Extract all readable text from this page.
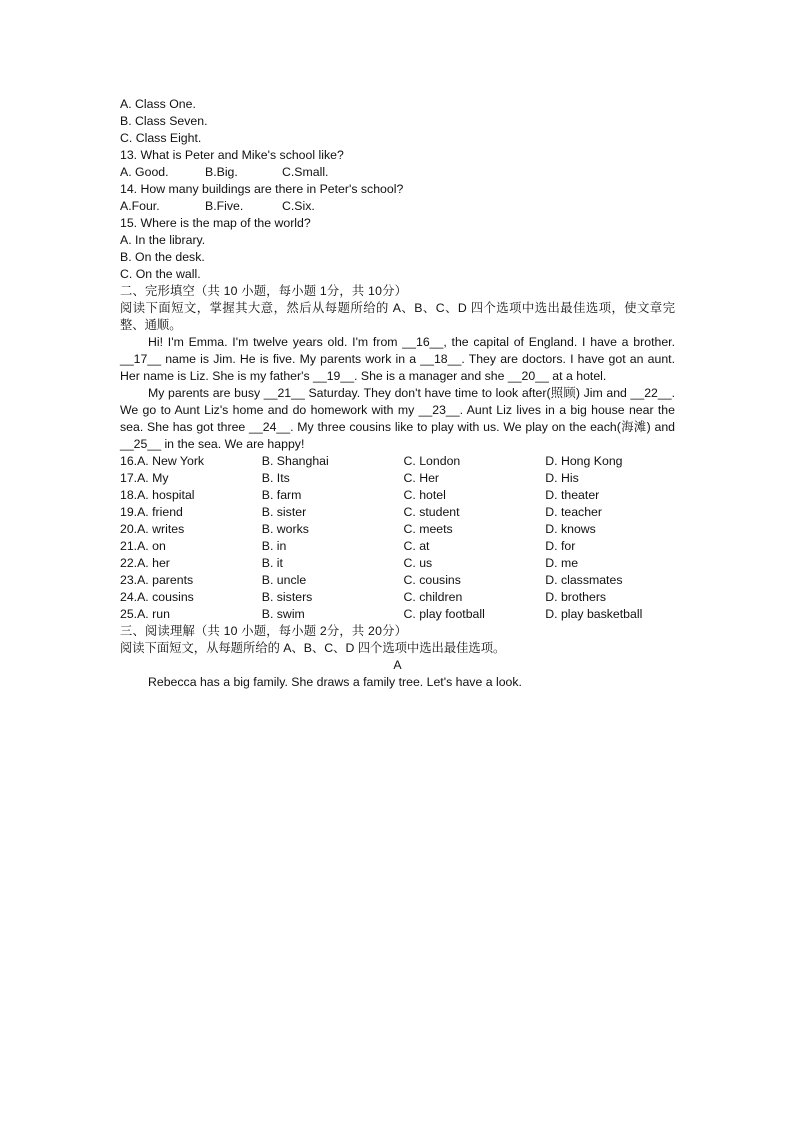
A. Class One.
B. Class Seven.
C. Class Eight.
13. What is Peter and Mike's school like?
A. Good.	B.Big.	C.Small.
14. How many buildings are there in Peter's school?
A.Four.	B.Five.	C.Six.
15. Where is the map of the world?
A. In the library.
B. On the desk.
C. On the wall.
二、完形填空（共 10 小题，每小题 1分，共 10分）
阅读下面短文，掌握其大意，然后从每题所给的 A、B、C、D 四个选项中选出最佳选项，使文章完整、通顺。
Hi! I'm Emma. I'm twelve years old. I'm from __16__, the capital of England. I have a brother. __17__ name is Jim. He is five. My parents work in a __18__. They are doctors. I have got an aunt. Her name is Liz. She is my father's __19__. She is a manager and she __20__ at a hotel.
My parents are busy __21__ Saturday. They don't have time to look after(照顾) Jim and __22__. We go to Aunt Liz's home and do homework with my __23__. Aunt Liz lives in a big house near the sea. She has got three __24__. My three cousins like to play with us. We play on the each(海滩) and __25__ in the sea. We are happy!
16.A. New York	B. Shanghai	C. London	D. Hong Kong
17.A. My	B. Its	C. Her	D. His
18.A. hospital	B. farm	C. hotel	D. theater
19.A. friend	B. sister	C. student	D. teacher
20.A. writes	B. works	C. meets	D. knows
21.A. on	B. in	C. at	D. for
22.A. her	B. it	C. us	D. me
23.A. parents	B. uncle	C. cousins	D. classmates
24.A. cousins	B. sisters	C. children	D. brothers
25.A. run	B. swim	C. play football	D. play basketball
三、阅读理解（共 10 小题，每小题 2分，共 20分）
阅读下面短文，从每题所给的 A、B、C、D 四个选项中选出最佳选项。
A
Rebecca has a big family. She draws a family tree. Let's have a look.
